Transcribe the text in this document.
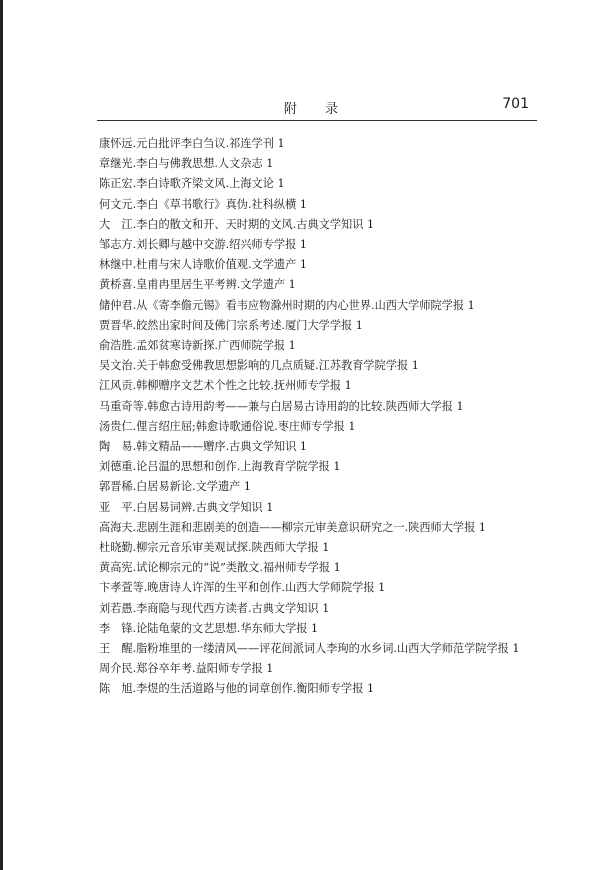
附 录	701
康怀远.元白批评李白刍议.祁连学刊 1
章继光.李白与佛教思想.人文杂志 1
陈正宏.李白诗歌齐梁文风.上海文论 1
何文元.李白《草书歌行》真伪.社科纵横 1
大　江.李白的散文和开、天时期的文风.古典文学知识 1
邹志方.刘长卿与越中交游.绍兴师专学报 1
林继中.杜甫与宋人诗歌价值观.文学遗产 1
黄桥喜.皇甫冉里居生平考辨.文学遗产 1
储仲君.从《寄李儋元锡》看韦应物滁州时期的内心世界.山西大学师院学报 1
贾晋华.皎然出家时间及佛门宗系考述.厦门大学学报 1
俞浩胜.孟郊贫寒诗新探.广西师院学报 1
吴文治.关于韩愈受佛教思想影响的几点质疑.江苏教育学院学报 1
江风贡.韩柳赠序文艺术个性之比较.抚州师专学报 1
马重奇等.韩愈古诗用韵考——兼与白居易古诗用韵的比较.陕西师大学报 1
汤贵仁.俚言绍庄屈;韩愈诗歌通俗说.枣庄师专学报 1
陶　易.韩文精品——赠序.古典文学知识 1
刘德重.论吕温的思想和创作.上海教育学院学报 1
郭晋稀.白居易新论.文学遗产 1
亚　平.白居易词辨.古典文学知识 1
高海夫.悲剧生涯和悲剧美的创造——柳宗元审美意识研究之一.陕西师大学报 1
杜晓勤.柳宗元音乐审美观试探.陕西师大学报 1
黄高宪.试论柳宗元的“说”类散文.福州师专学报 1
卞孝萱等.晚唐诗人许浑的生平和创作.山西大学师院学报 1
刘若愚.李商隐与现代西方读者.古典文学知识 1
李　锋.论陆龟蒙的文艺思想.华东师大学报 1
王　醒.脂粉堆里的一缕清风——评花间派词人李珣的水乡词.山西大学师范学院学报 1
周介民.郑谷卒年考.益阳师专学报 1
陈　旭.李煜的生活道路与他的词章创作.衡阳师专学报 1
